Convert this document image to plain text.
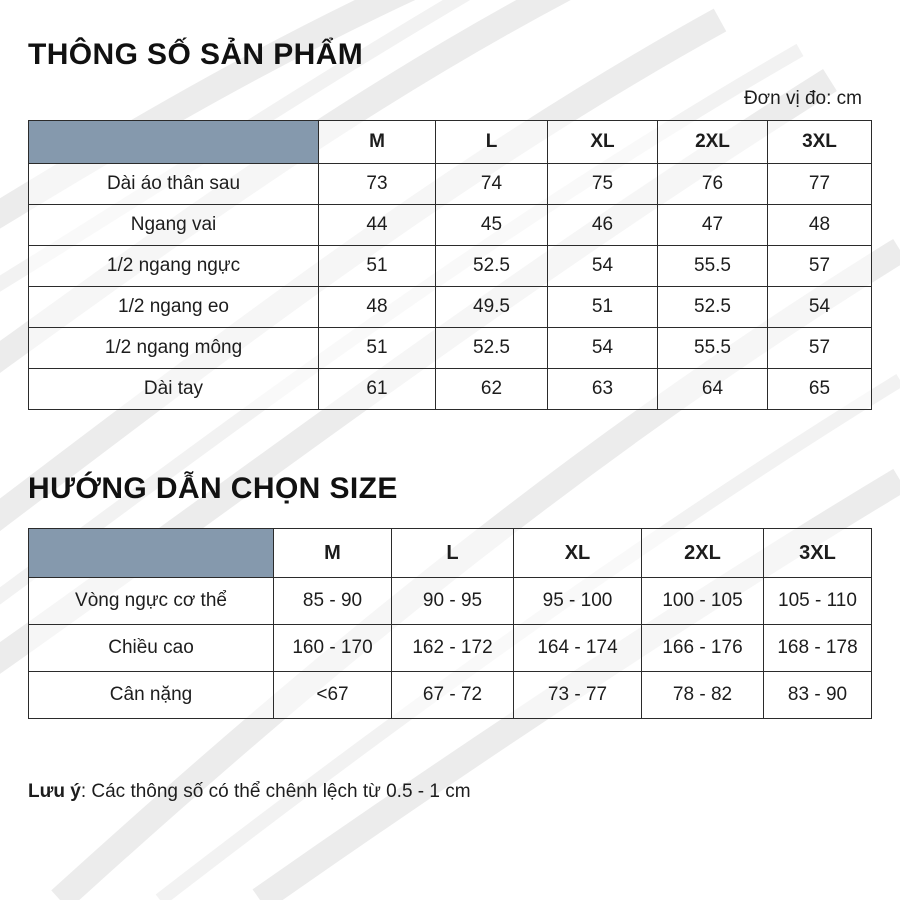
THÔNG SỐ SẢN PHẨM
Đơn vị đo: cm
	M	L	XL	2XL	3XL
Dài áo thân sau	73	74	75	76	77
Ngang vai	44	45	46	47	48
1/2 ngang ngực	51	52.5	54	55.5	57
1/2 ngang eo	48	49.5	51	52.5	54
1/2 ngang mông	51	52.5	54	55.5	57
Dài tay	61	62	63	64	65
HƯỚNG DẪN CHỌN SIZE
	M	L	XL	2XL	3XL
Vòng ngực cơ thể	85 - 90	90 - 95	95 - 100	100 - 105	105 - 110
Chiều cao	160 - 170	162 - 172	164 - 174	166 - 176	168 - 178
Cân nặng	<67	67 - 72	73 - 77	78 - 82	83 - 90
Lưu ý: Các thông số có thể chênh lệch từ 0.5 - 1 cm
